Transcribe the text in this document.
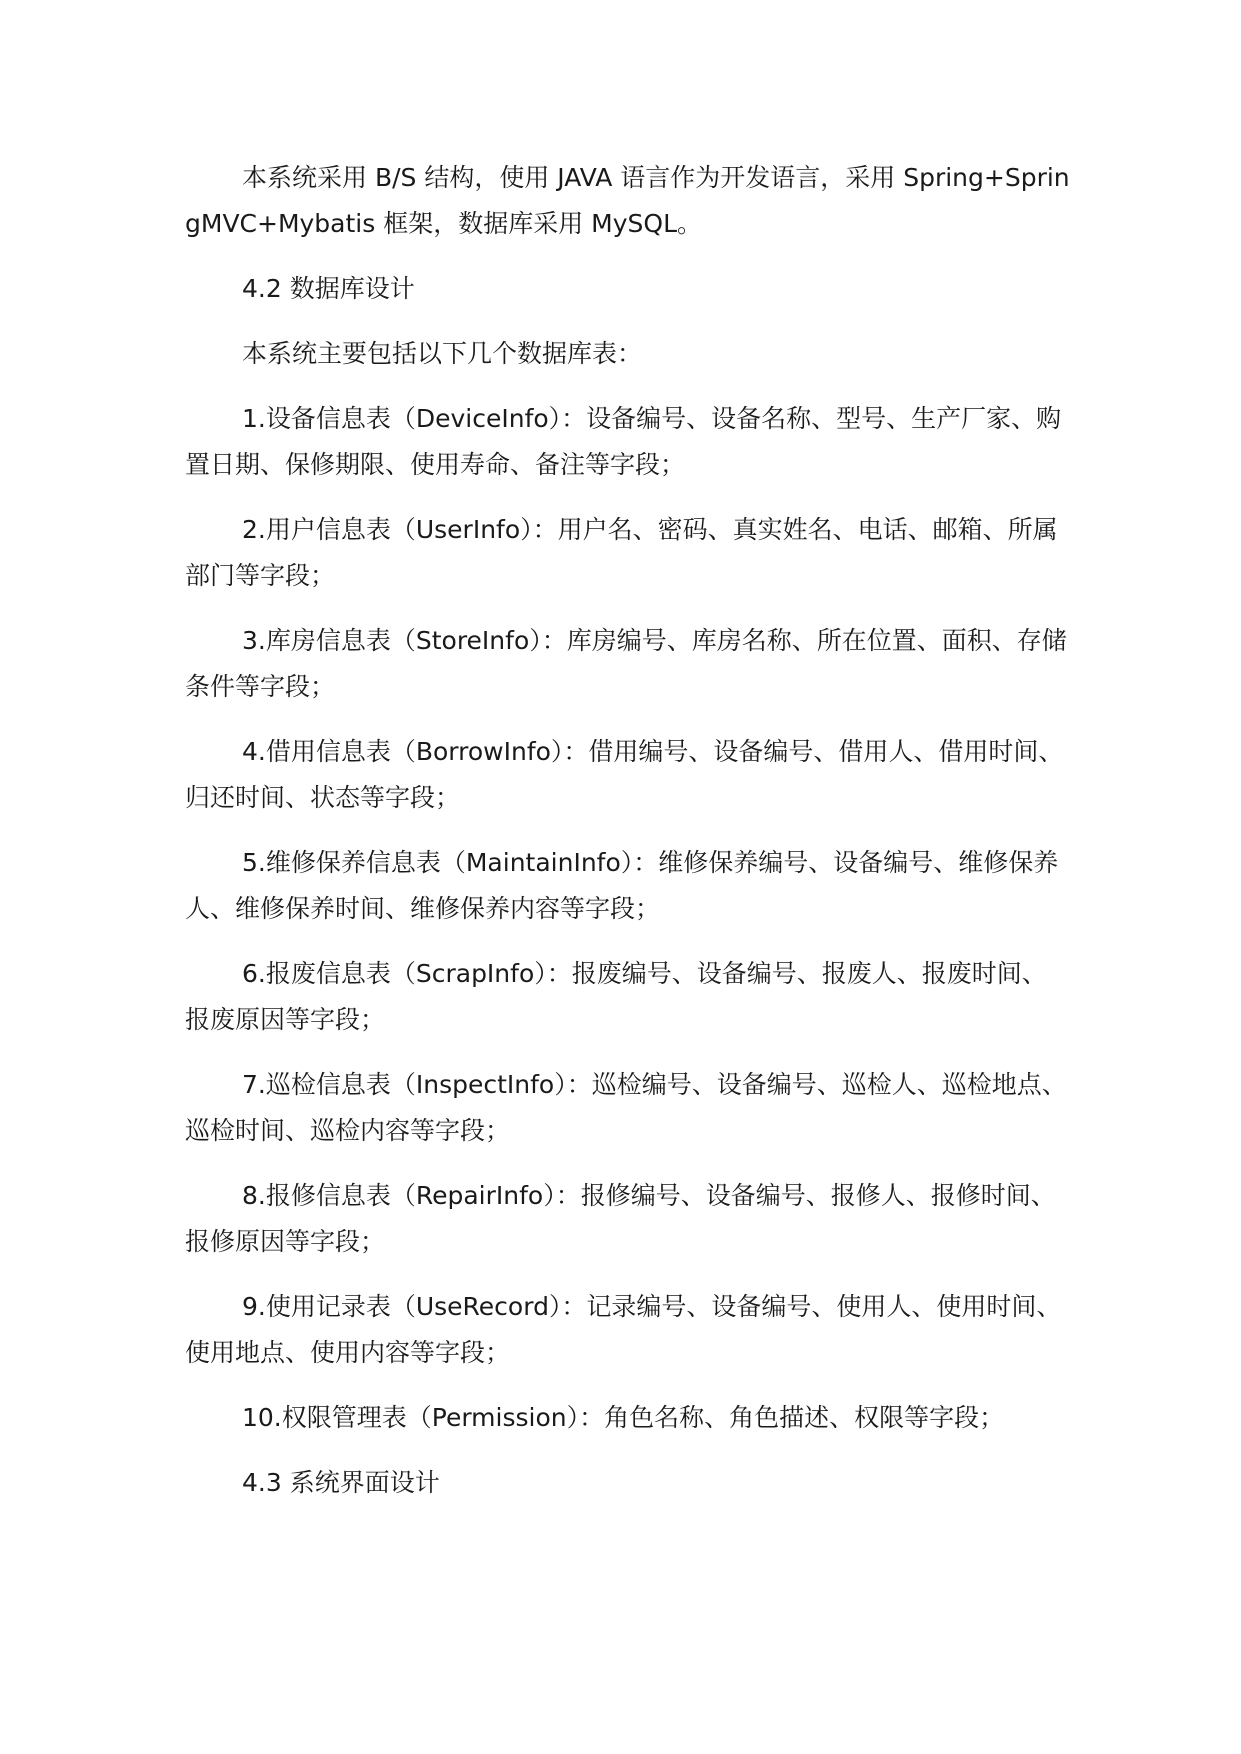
本系统采用 B/S 结构，使用 JAVA 语言作为开发语言，采用 Spring+SpringMVC+Mybatis 框架，数据库采用 MySQL。

4.2 数据库设计

本系统主要包括以下几个数据库表：

1.设备信息表（DeviceInfo）：设备编号、设备名称、型号、生产厂家、购置日期、保修期限、使用寿命、备注等字段；

2.用户信息表（UserInfo）：用户名、密码、真实姓名、电话、邮箱、所属部门等字段；

3.库房信息表（StoreInfo）：库房编号、库房名称、所在位置、面积、存储条件等字段；

4.借用信息表（BorrowInfo）：借用编号、设备编号、借用人、借用时间、归还时间、状态等字段；

5.维修保养信息表（MaintainInfo）：维修保养编号、设备编号、维修保养人、维修保养时间、维修保养内容等字段；

6.报废信息表（ScrapInfo）：报废编号、设备编号、报废人、报废时间、报废原因等字段；

7.巡检信息表（InspectInfo）：巡检编号、设备编号、巡检人、巡检地点、巡检时间、巡检内容等字段；

8.报修信息表（RepairInfo）：报修编号、设备编号、报修人、报修时间、报修原因等字段；

9.使用记录表（UseRecord）：记录编号、设备编号、使用人、使用时间、使用地点、使用内容等字段；

10.权限管理表（Permission）：角色名称、角色描述、权限等字段；

4.3 系统界面设计
